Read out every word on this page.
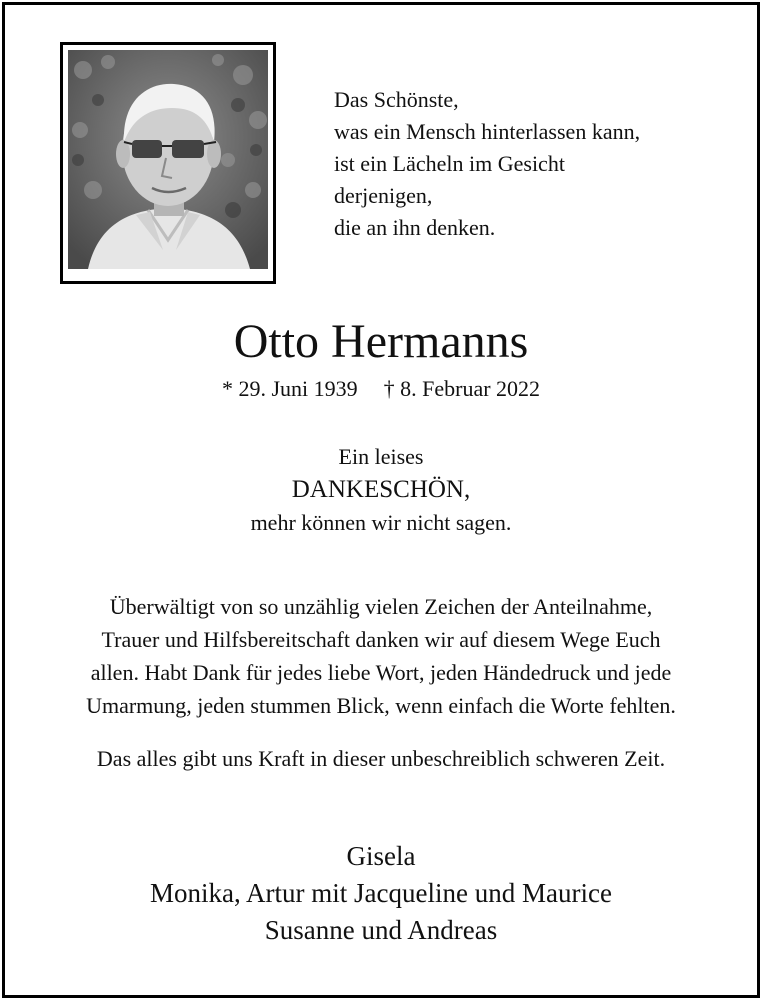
Das Schönste,
was ein Mensch hinterlassen kann,
ist ein Lächeln im Gesicht
derjenigen,
die an ihn denken.
Otto Hermanns
* 29. Juni 1939 † 8. Februar 2022
Ein leises
DANKESCHÖN,
mehr können wir nicht sagen.
Überwältigt von so unzählig vielen Zeichen der Anteilnahme,
Trauer und Hilfsbereitschaft danken wir auf diesem Wege Euch
allen. Habt Dank für jedes liebe Wort, jeden Händedruck und jede
Umarmung, jeden stummen Blick, wenn einfach die Worte fehlten.
Das alles gibt uns Kraft in dieser unbeschreiblich schweren Zeit.
Gisela
Monika, Artur mit Jacqueline und Maurice
Susanne und Andreas
